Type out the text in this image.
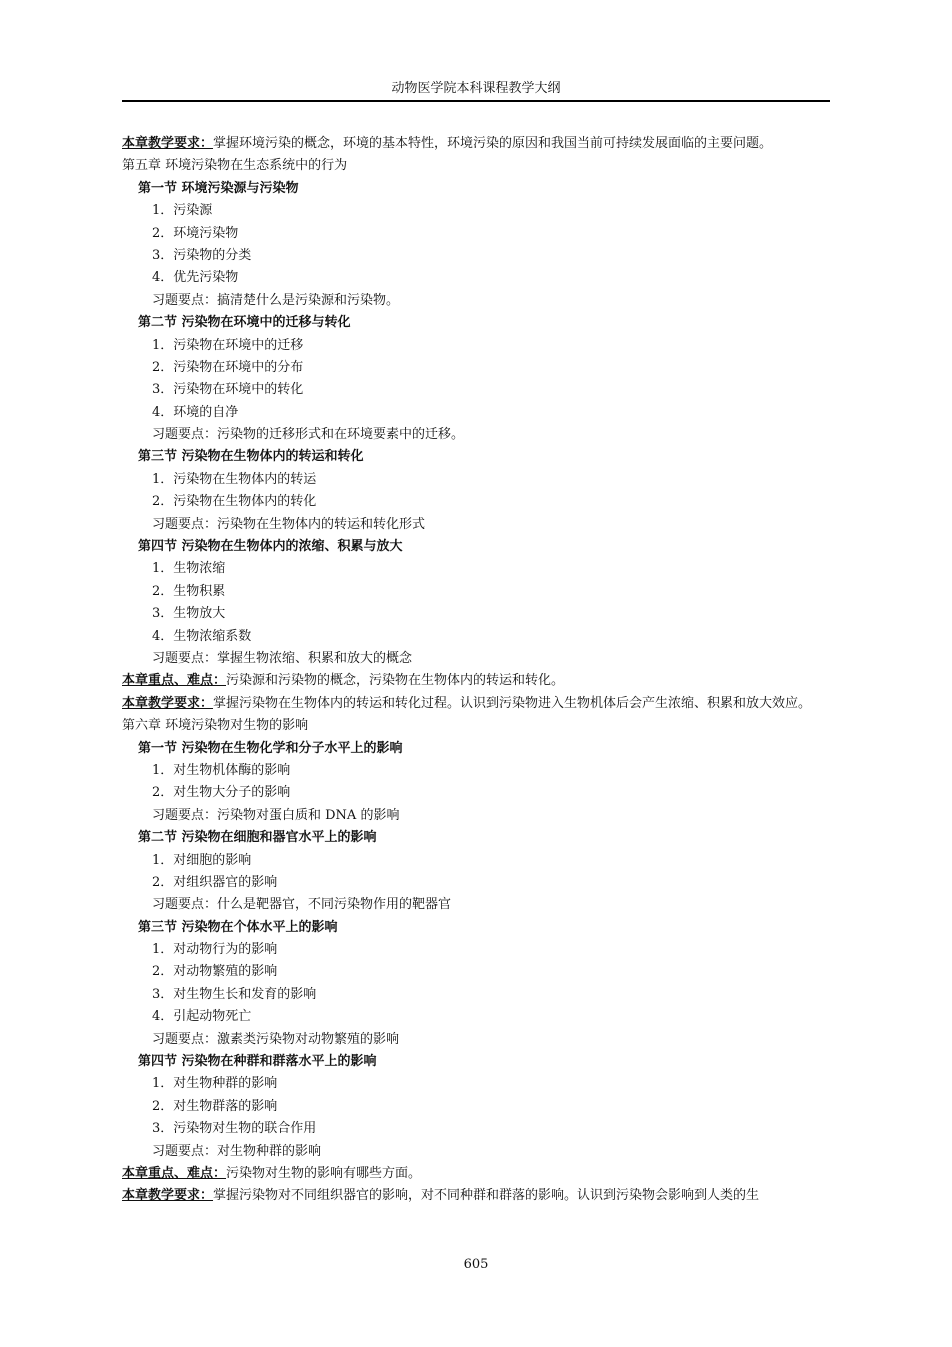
动物医学院本科课程教学大纲
本章教学要求：掌握环境污染的概念，环境的基本特性，环境污染的原因和我国当前可持续发展面临的主要问题。
第五章 环境污染物在生态系统中的行为
第一节 环境污染源与污染物
1．污染源
2．环境污染物
3．污染物的分类
4．优先污染物
习题要点：搞清楚什么是污染源和污染物。
第二节 污染物在环境中的迁移与转化
1．污染物在环境中的迁移
2．污染物在环境中的分布
3．污染物在环境中的转化
4．环境的自净
习题要点：污染物的迁移形式和在环境要素中的迁移。
第三节 污染物在生物体内的转运和转化
1．污染物在生物体内的转运
2．污染物在生物体内的转化
习题要点：污染物在生物体内的转运和转化形式
第四节 污染物在生物体内的浓缩、积累与放大
1．生物浓缩
2．生物积累
3．生物放大
4．生物浓缩系数
习题要点：掌握生物浓缩、积累和放大的概念
本章重点、难点：污染源和污染物的概念，污染物在生物体内的转运和转化。
本章教学要求：掌握污染物在生物体内的转运和转化过程。认识到污染物进入生物机体后会产生浓缩、积累和放大效应。
第六章 环境污染物对生物的影响
第一节 污染物在生物化学和分子水平上的影响
1．对生物机体酶的影响
2．对生物大分子的影响
习题要点：污染物对蛋白质和 DNA 的影响
第二节 污染物在细胞和器官水平上的影响
1．对细胞的影响
2．对组织器官的影响
习题要点：什么是靶器官，不同污染物作用的靶器官
第三节 污染物在个体水平上的影响
1．对动物行为的影响
2．对动物繁殖的影响
3．对生物生长和发育的影响
4．引起动物死亡
习题要点：激素类污染物对动物繁殖的影响
第四节 污染物在种群和群落水平上的影响
1．对生物种群的影响
2．对生物群落的影响
3．污染物对生物的联合作用
习题要点：对生物种群的影响
本章重点、难点：污染物对生物的影响有哪些方面。
本章教学要求：掌握污染物对不同组织器官的影响，对不同种群和群落的影响。认识到污染物会影响到人类的生
605
